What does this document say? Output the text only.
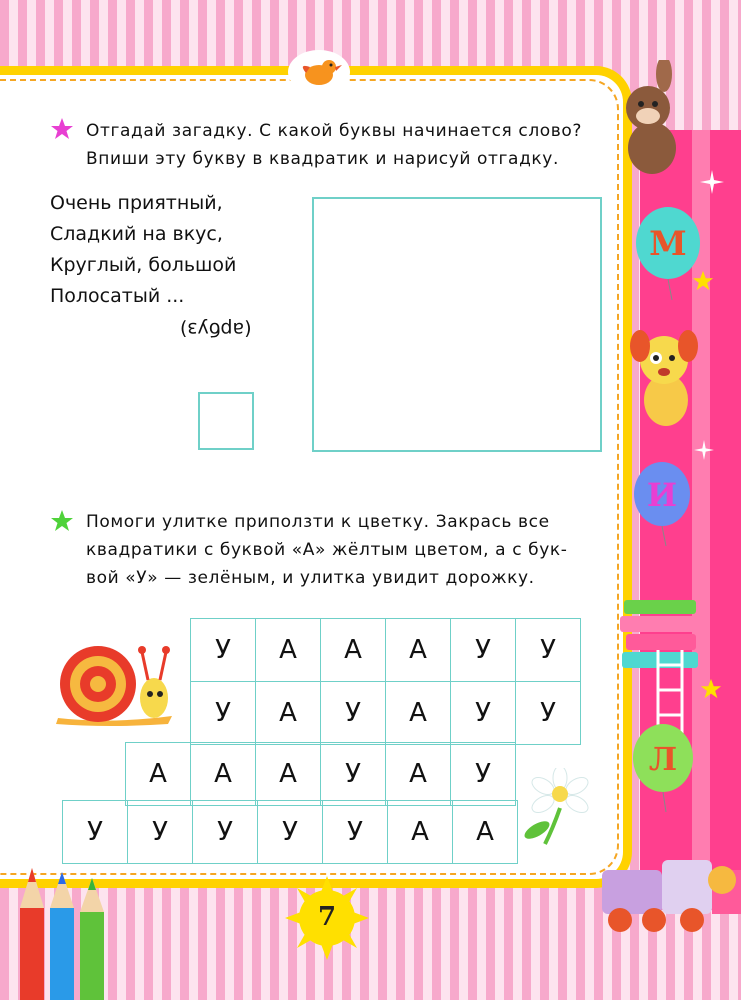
Отгадай загадку. С какой буквы начинается слово?
Впиши эту букву в квадратик и нарисуй отгадку.
Очень приятный,
Сладкий на вкус,
Круглый, большой
Полосатый ...
(арбуз)
Помоги улитке приползти к цветку. Закрась все
квадратики с буквой «А» жёлтым цветом, а с бук-
вой «У» — зелёным, и улитка увидит дорожку.
У	А	А	А	У	У
У	А	У	А	У	У
А	А	А	У	А	У
У	У	У	У	У	А	А
М
И
Л
7
